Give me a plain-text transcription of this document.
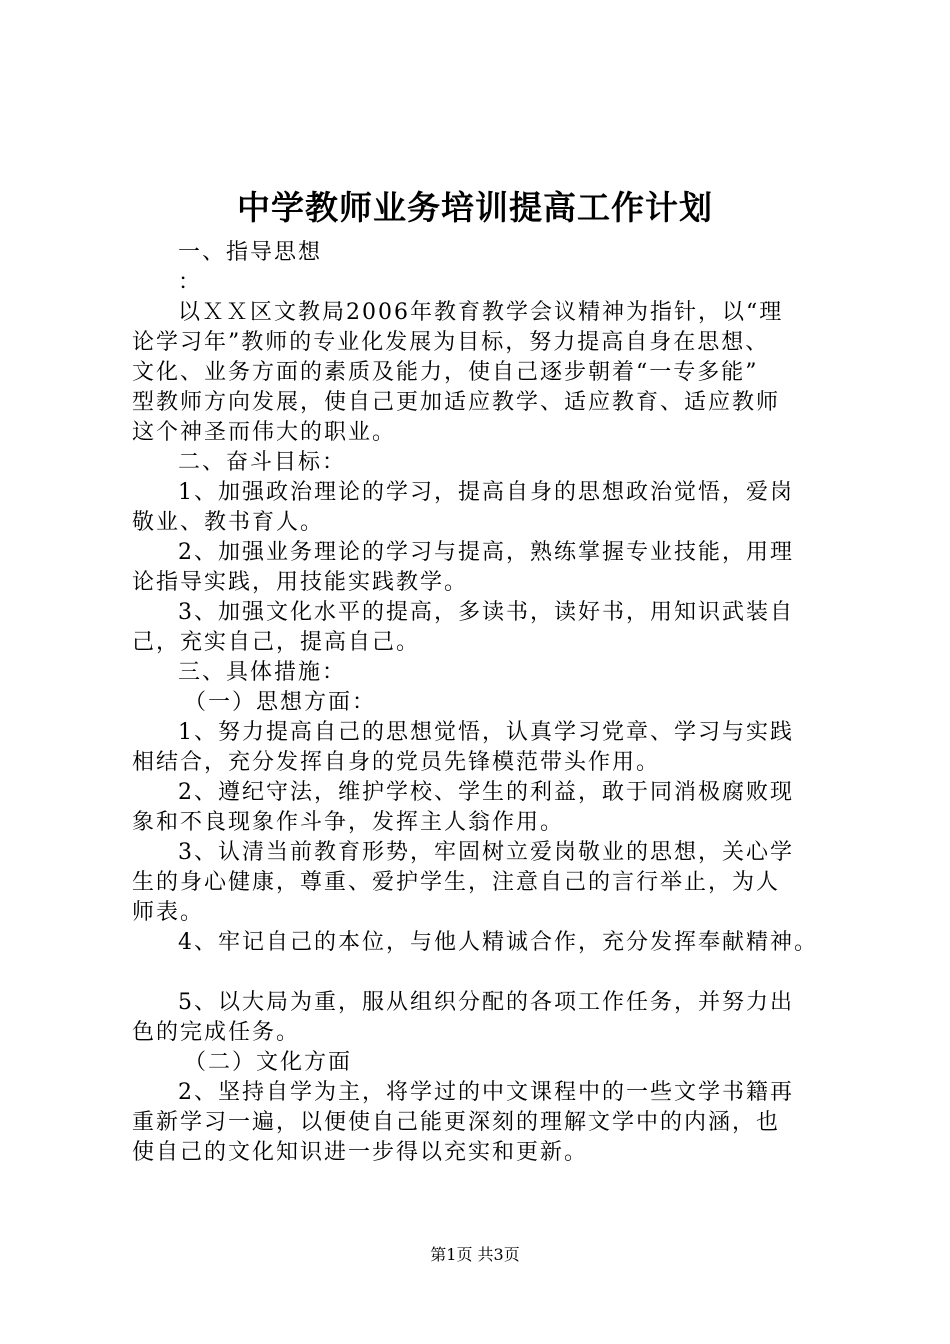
中学教师业务培训提高工作计划
一、指导思想
：
以ＸＸ区文教局2006年教育教学会议精神为指针，以“理
论学习年”教师的专业化发展为目标，努力提高自身在思想、
文化、业务方面的素质及能力，使自己逐步朝着“一专多能”
型教师方向发展，使自己更加适应教学、适应教育、适应教师
这个神圣而伟大的职业。
二、奋斗目标：
1、加强政治理论的学习，提高自身的思想政治觉悟，爱岗
敬业、教书育人。
2、加强业务理论的学习与提高，熟练掌握专业技能，用理
论指导实践，用技能实践教学。
3、加强文化水平的提高，多读书，读好书，用知识武装自
己，充实自己，提高自己。
三、具体措施：
（一）思想方面：
1、努力提高自己的思想觉悟，认真学习党章、学习与实践
相结合，充分发挥自身的党员先锋模范带头作用。
2、遵纪守法，维护学校、学生的利益，敢于同消极腐败现
象和不良现象作斗争，发挥主人翁作用。
3、认清当前教育形势，牢固树立爱岗敬业的思想，关心学
生的身心健康，尊重、爱护学生，注意自己的言行举止，为人
师表。
4、牢记自己的本位，与他人精诚合作，充分发挥奉献精神。
5、以大局为重，服从组织分配的各项工作任务，并努力出
色的完成任务。
（二）文化方面
2、坚持自学为主，将学过的中文课程中的一些文学书籍再
重新学习一遍，以便使自己能更深刻的理解文学中的内涵，也
使自己的文化知识进一步得以充实和更新。
第1页 共3页
